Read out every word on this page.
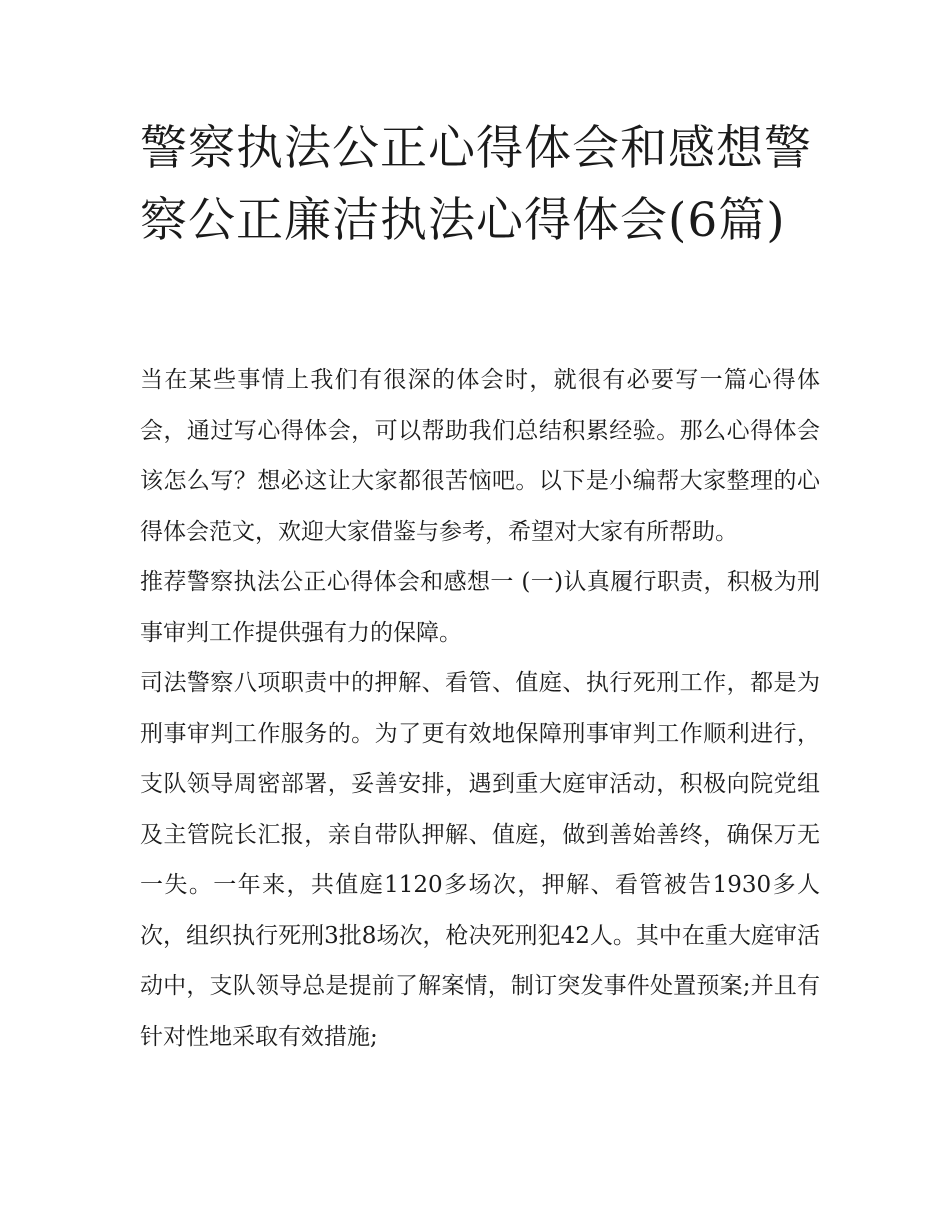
警察执法公正心得体会和感想警察公正廉洁执法心得体会(6篇)

当在某些事情上我们有很深的体会时，就很有必要写一篇心得体会，通过写心得体会，可以帮助我们总结积累经验。那么心得体会该怎么写？想必这让大家都很苦恼吧。以下是小编帮大家整理的心得体会范文，欢迎大家借鉴与参考，希望对大家有所帮助。

推荐警察执法公正心得体会和感想一 (一)认真履行职责，积极为刑事审判工作提供强有力的保障。

司法警察八项职责中的押解、看管、值庭、执行死刑工作，都是为刑事审判工作服务的。为了更有效地保障刑事审判工作顺利进行，支队领导周密部署，妥善安排，遇到重大庭审活动，积极向院党组及主管院长汇报，亲自带队押解、值庭，做到善始善终，确保万无一失。一年来，共值庭1120多场次，押解、看管被告1930多人次，组织执行死刑3批8场次，枪决死刑犯42人。其中在重大庭审活动中，支队领导总是提前了解案情，制订突发事件处置预案;并且有针对性地采取有效措施;
